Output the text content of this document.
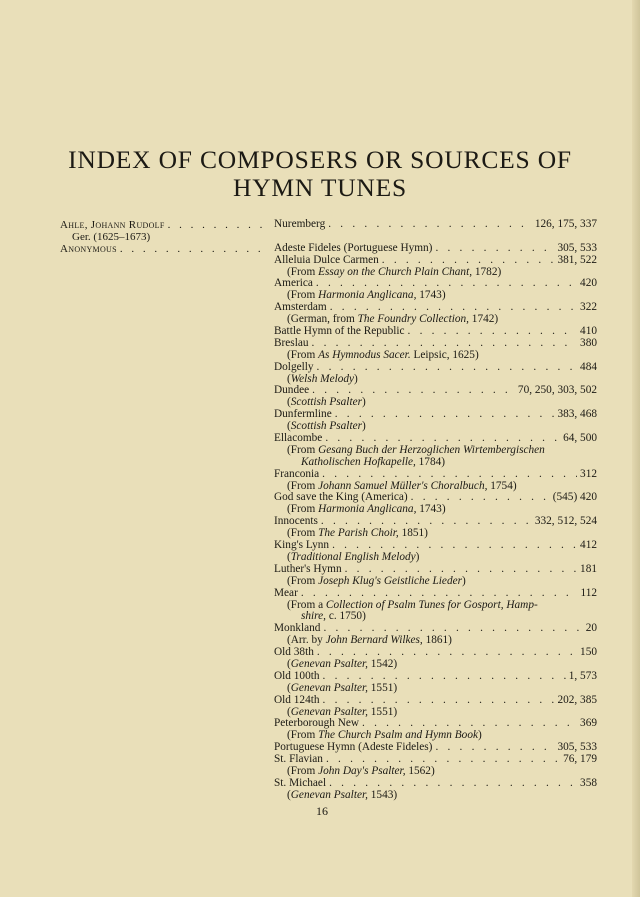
INDEX OF COMPOSERS OR SOURCES OF
HYMN TUNES
Ahle, Johann Rudolf
. . .
Ger. (1625–1673)
Anonymous
. . .
Nuremberg . . .	126, 175, 337
Adeste Fideles (Portuguese Hymn) . . .	305, 533
Alleluia Dulce Carmen . . .	381, 522
(From Essay on the Church Plain Chant, 1782)
America . . .	420
(From Harmonia Anglicana, 1743)
Amsterdam . . .	322
(German, from The Foundry Collection, 1742)
Battle Hymn of the Republic . . .	410
Breslau . . .	380
(From As Hymnodus Sacer. Leipsic, 1625)
Dolgelly . . .	484
(Welsh Melody)
Dundee . . .	70, 250, 303, 502
(Scottish Psalter)
Dunfermline . . .	383, 468
(Scottish Psalter)
Ellacombe . . .	64, 500
(From Gesang Buch der Herzoglichen Wirtembergischen
Katholischen Hofkapelle, 1784)
Franconia . . .	312
(From Johann Samuel Müller's Choralbuch, 1754)
God save the King (America) . . .	(545) 420
(From Harmonia Anglicana, 1743)
Innocents . . .	332, 512, 524
(From The Parish Choir, 1851)
King's Lynn . . .	412
(Traditional English Melody)
Luther's Hymn . . .	181
(From Joseph Klug's Geistliche Lieder)
Mear . . .	112
(From a Collection of Psalm Tunes for Gosport, Hamp-
shire, c. 1750)
Monkland . . .	20
(Arr. by John Bernard Wilkes, 1861)
Old 38th . . .	150
(Genevan Psalter, 1542)
Old 100th . . .	1, 573
(Genevan Psalter, 1551)
Old 124th . . .	202, 385
(Genevan Psalter, 1551)
Peterborough New . . .	369
(From The Church Psalm and Hymn Book)
Portuguese Hymn (Adeste Fideles) . . .	305, 533
St. Flavian . . .	76, 179
(From John Day's Psalter, 1562)
St. Michael . . .	358
(Genevan Psalter, 1543)
16
